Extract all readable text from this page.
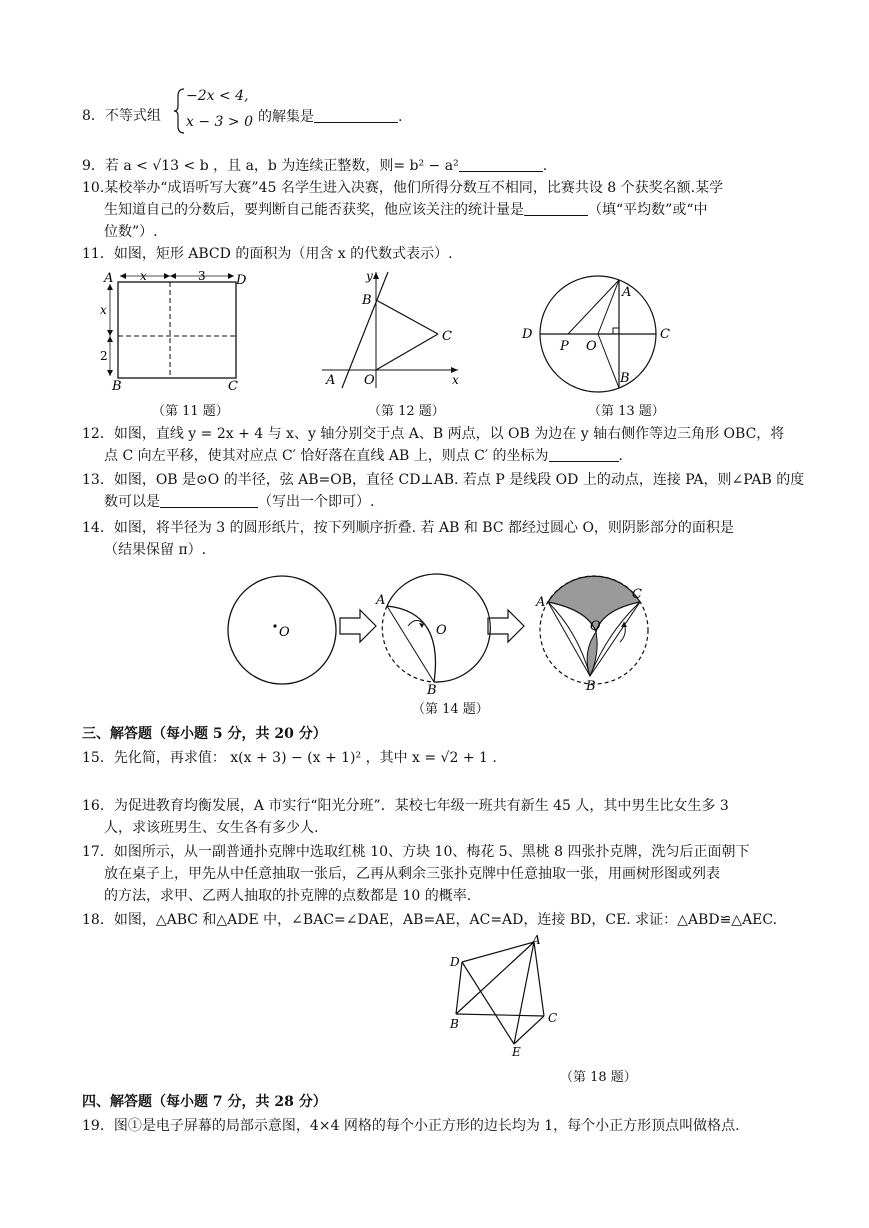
8．不等式组
−2x < 4,
x − 3 > 0 的解集是	.
9．若 a < √13 < b ，且 a，b 为连续正整数，则= b² − a²	.
10.某校举办“成语听写大赛”45 名学生进入决赛，他们所得分数互不相同，比赛共设 8 个获奖名额.某学
生知道自己的分数后，要判断自己能否获奖，他应该关注的统计量是	（填“平均数”或“中
位数”）.
11．如图，矩形 ABCD 的面积为（用含 x 的代数式表示）.
A
B	C
D
x	3
x
2
（第 11 题）
y
x
B
C
A O
（第 12 题）
A
B
C
D
P O
（第 13 题）
12．如图，直线 y = 2x + 4 与 x、y 轴分别交于点 A、B 两点，以 OB 为边在 y 轴右侧作等边三角形 OBC，将
点 C 向左平移，使其对应点 C′ 恰好落在直线 AB 上，则点 C′ 的坐标为	.
13．如图，OB 是⊙O 的半径，弦 AB=OB，直径 CD⊥AB. 若点 P 是线段 OD 上的动点，连接 PA，则∠PAB 的度
数可以是	（写出一个即可）.
14．如图，将半径为 3 的圆形纸片，按下列顺序折叠. 若 AB 和 BC 都经过圆心 O，则阴影部分的面积是
（结果保留 π）.
O
A
O
B
A
C
O
B
（第 14 题）
三、解答题（每小题 5 分，共 20 分）
15．先化简，再求值： x(x + 3) − (x + 1)² ，其中 x = √2 + 1 .
16．为促进教育均衡发展，A 市实行“阳光分班”．某校七年级一班共有新生 45 人，其中男生比女生多 3
人，求该班男生、女生各有多少人.
17．如图所示，从一副普通扑克牌中选取红桃 10、方块 10、梅花 5、黑桃 8 四张扑克牌，洗匀后正面朝下
放在桌子上，甲先从中任意抽取一张后，乙再从剩余三张扑克牌中任意抽取一张，用画树形图或列表
的方法，求甲、乙两人抽取的扑克牌的点数都是 10 的概率.
18．如图，△ABC 和△ADE 中，∠BAC=∠DAE，AB=AE，AC=AD，连接 BD，CE. 求证：△ABD≌△AEC.
A
D
B	C
E
（第 18 题）
四、解答题（每小题 7 分，共 28 分）
19．图①是电子屏幕的局部示意图，4×4 网格的每个小正方形的边长均为 1，每个小正方形顶点叫做格点.
